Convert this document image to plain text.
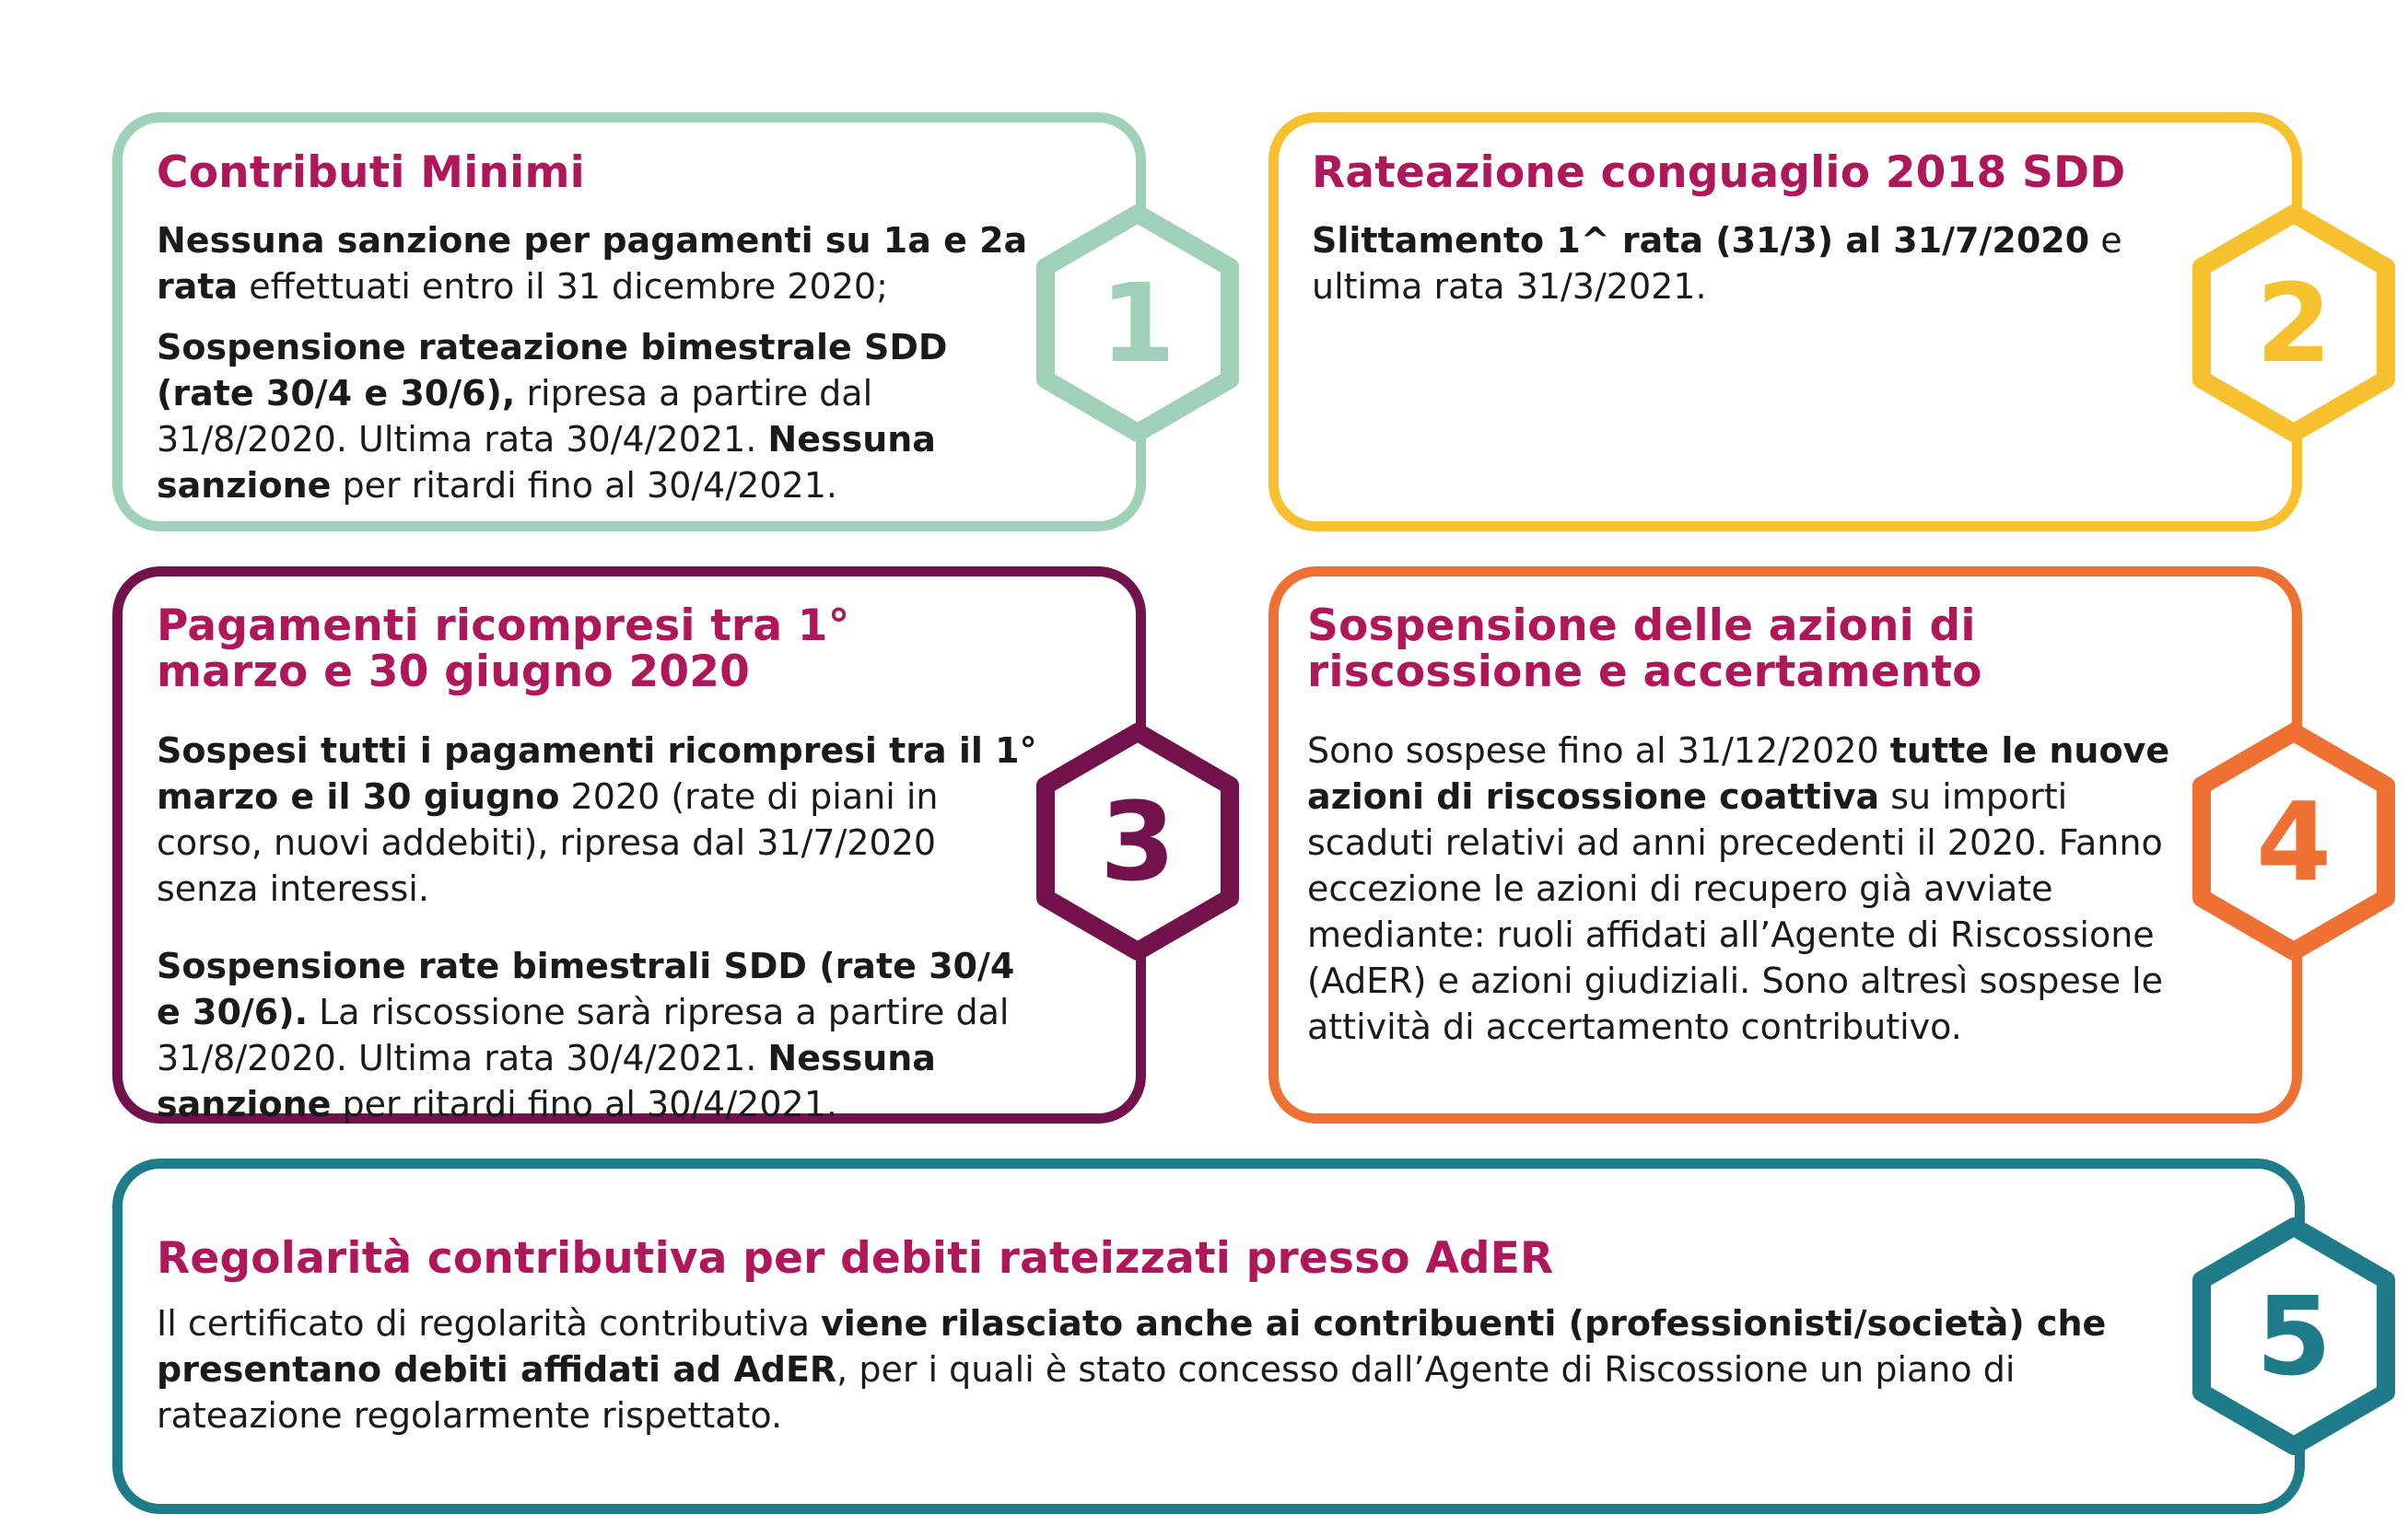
Contributi Minimi

Nessuna sanzione per pagamenti su 1a e 2a rata effettuati entro il 31 dicembre 2020;

Sospensione rateazione bimestrale SDD (rate 30/4 e 30/6), ripresa a partire dal 31/8/2020. Ultima rata 30/4/2021. Nessuna sanzione per ritardi fino al 30/4/2021.

1
Rateazione conguaglio 2018 SDD

Slittamento 1^ rata (31/3) al 31/7/2020 e ultima rata 31/3/2021.	2
Pagamenti ricompresi tra 1° marzo e 30 giugno 2020

Sospesi tutti i pagamenti ricompresi tra il 1° marzo e il 30 giugno 2020 (rate di piani in corso, nuovi addebiti), ripresa dal 31/7/2020 senza interessi.

Sospensione rate bimestrali SDD (rate 30/4 e 30/6). La riscossione sarà ripresa a partire dal 31/8/2020. Ultima rata 30/4/2021. Nessuna sanzione per ritardi fino al 30/4/2021.

3
Sospensione delle azioni di riscossione e accertamento

Sono sospese fino al 31/12/2020 tutte le nuove azioni di riscossione coattiva su importi scaduti relativi ad anni precedenti il 2020. Fanno eccezione le azioni di recupero già avviate mediante: ruoli affidati all’Agente di Riscossione (AdER) e azioni giudiziali. Sono altresì sospese le attività di accertamento contributivo.

4
Regolarità contributiva per debiti rateizzati presso AdER

Il certificato di regolarità contributiva viene rilasciato anche ai contribuenti (professionisti/società) che presentano debiti affidati ad AdER, per i quali è stato concesso dall’Agente di Riscossione un piano di rateazione regolarmente rispettato.

5
